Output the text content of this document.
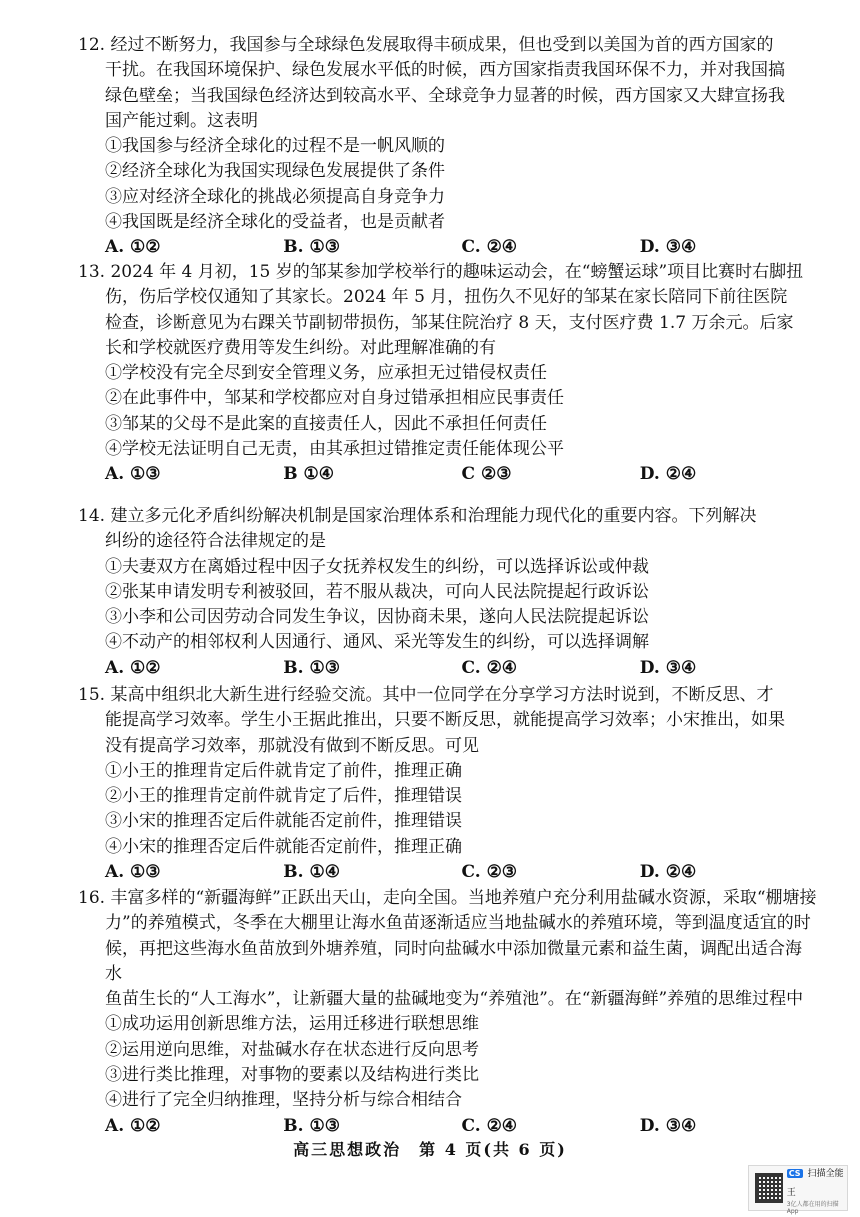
12. 经过不断努力，我国参与全球绿色发展取得丰硕成果，但也受到以美国为首的西方国家的
干扰。在我国环境保护、绿色发展水平低的时候，西方国家指责我国环保不力，并对我国搞
绿色壁垒；当我国绿色经济达到较高水平、全球竞争力显著的时候，西方国家又大肆宣扬我
国产能过剩。这表明
①我国参与经济全球化的过程不是一帆风顺的
②经济全球化为我国实现绿色发展提供了条件
③应对经济全球化的挑战必须提高自身竞争力
④我国既是经济全球化的受益者，也是贡献者
A. ①②	B. ①③	C. ②④	D. ③④
13. 2024 年 4 月初，15 岁的邹某参加学校举行的趣味运动会，在“螃蟹运球”项目比赛时右脚扭
伤，伤后学校仅通知了其家长。2024 年 5 月，扭伤久不见好的邹某在家长陪同下前往医院
检查，诊断意见为右踝关节副韧带损伤，邹某住院治疗 8 天，支付医疗费 1.7 万余元。后家
长和学校就医疗费用等发生纠纷。对此理解准确的有
①学校没有完全尽到安全管理义务，应承担无过错侵权责任
②在此事件中，邹某和学校都应对自身过错承担相应民事责任
③邹某的父母不是此案的直接责任人，因此不承担任何责任
④学校无法证明自己无责，由其承担过错推定责任能体现公平
A. ①③	B ①④	C ②③	D. ②④
14. 建立多元化矛盾纠纷解决机制是国家治理体系和治理能力现代化的重要内容。下列解决
纠纷的途径符合法律规定的是
①夫妻双方在离婚过程中因子女抚养权发生的纠纷，可以选择诉讼或仲裁
②张某申请发明专利被驳回，若不服从裁决，可向人民法院提起行政诉讼
③小李和公司因劳动合同发生争议，因协商未果，遂向人民法院提起诉讼
④不动产的相邻权利人因通行、通风、采光等发生的纠纷，可以选择调解
A. ①②	B. ①③	C. ②④	D. ③④
15. 某高中组织北大新生进行经验交流。其中一位同学在分享学习方法时说到，不断反思、才
能提高学习效率。学生小王据此推出，只要不断反思，就能提高学习效率；小宋推出，如果
没有提高学习效率，那就没有做到不断反思。可见
①小王的推理肯定后件就肯定了前件，推理正确
②小王的推理肯定前件就肯定了后件，推理错误
③小宋的推理否定后件就能否定前件，推理错误
④小宋的推理否定后件就能否定前件，推理正确
A. ①③	B. ①④	C. ②③	D. ②④
16. 丰富多样的“新疆海鲜”正跃出天山，走向全国。当地养殖户充分利用盐碱水资源，采取“棚塘接
力”的养殖模式，冬季在大棚里让海水鱼苗逐渐适应当地盐碱水的养殖环境，等到温度适宜的时
候，再把这些海水鱼苗放到外塘养殖，同时向盐碱水中添加微量元素和益生菌，调配出适合海水
鱼苗生长的“人工海水”，让新疆大量的盐碱地变为“养殖池”。在“新疆海鲜”养殖的思维过程中
①成功运用创新思维方法，运用迁移进行联想思维
②运用逆向思维，对盐碱水存在状态进行反向思考
③进行类比推理，对事物的要素以及结构进行类比
④进行了完全归纳推理，坚持分析与综合相结合
A. ①②	B. ①③	C. ②④	D. ③④
高三思想政治　第 4 页(共 6 页)
CS 扫描全能王
3亿人都在用的扫描App
